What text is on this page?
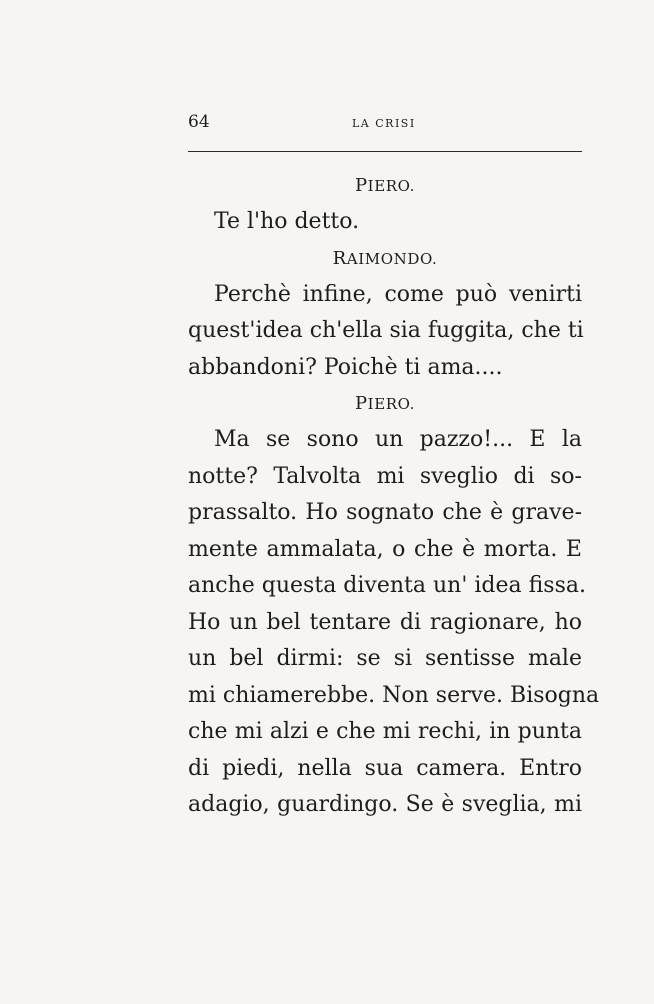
64	LA CRISI
PIERO.
Te l'ho detto.
RAIMONDO.
Perchè infine, come può venirti
quest'idea ch'ella sia fuggita, che ti
abbandoni? Poichè ti ama....
PIERO.
Ma se sono un pazzo!... E la
notte? Talvolta mi sveglio di so-
prassalto. Ho sognato che è grave-
mente ammalata, o che è morta. E
anche questa diventa un' idea fissa.
Ho un bel tentare di ragionare, ho
un bel dirmi: se si sentisse male
mi chiamerebbe. Non serve. Bisogna
che mi alzi e che mi rechi, in punta
di piedi, nella sua camera. Entro
adagio, guardingo. Se è sveglia, mi
